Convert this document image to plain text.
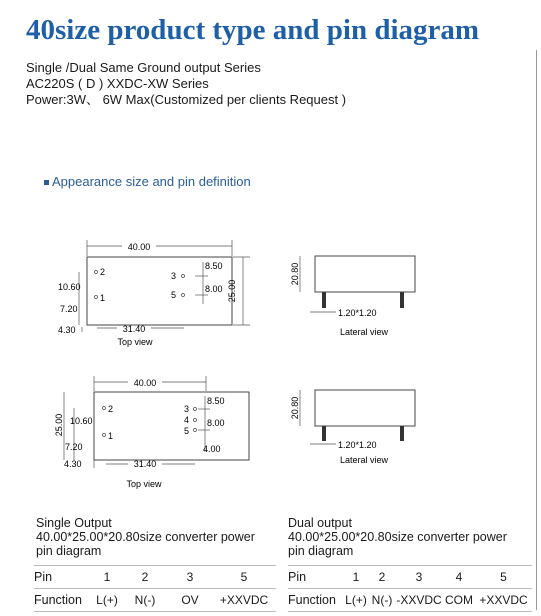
40size product type and pin diagram
Single /Dual Same Ground output Series
AC220S ( D ) XXDC-XW Series
Power:3W、 6W Max(Customized per clients Request )
Appearance size and pin definition
40.00
2
1
3
5
8.50
8.00 25.00
10.60
7.20
4.30	31.40
Top view
20.80
1.20*1.20
Lateral view
40.00
2
1
3
4
5
8.50
8.00
4.00
25.00 10.60
7.20
4.30	31.40
Top view
20.80
1.20*1.20
Lateral view
Single Output
40.00*25.00*20.80size converter power
pin diagram
Pin	1	2	3	5
Function	L(+)	N(-)	OV	+XXVDC
Dual output
40.00*25.00*20.80size converter power
pin diagram
Pin	1	2	3	4	5
Function	L(+)	N(-)	-XXVDC	COM	+XXVDC
